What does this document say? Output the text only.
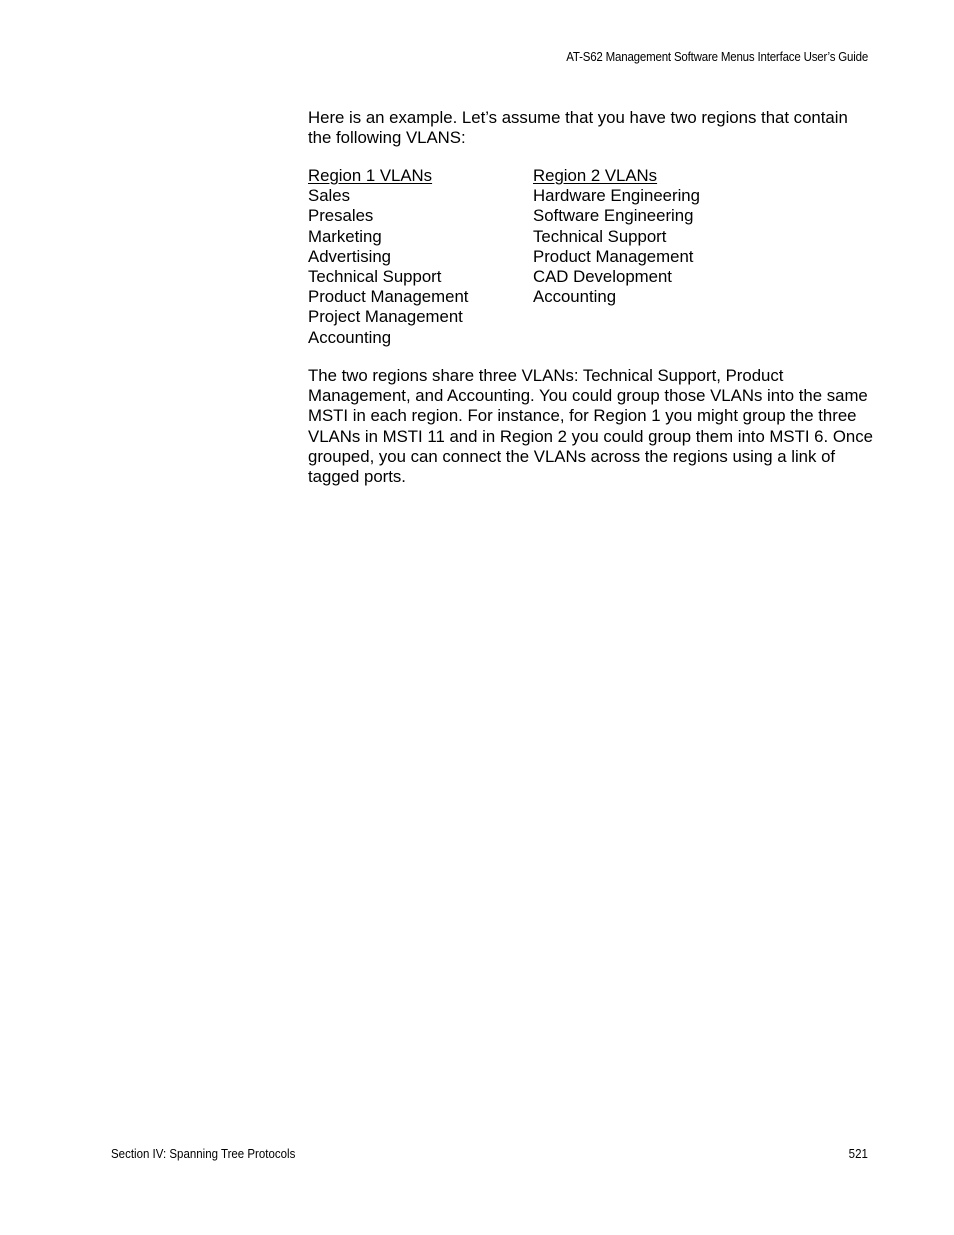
AT-S62 Management Software Menus Interface User’s Guide

Here is an example. Let’s assume that you have two regions that contain the following VLANS:

Region 1 VLANs
Sales
Presales
Marketing
Advertising
Technical Support
Product Management
Project Management
Accounting
Region 2 VLANs
Hardware Engineering
Software Engineering
Technical Support
Product Management
CAD Development
Accounting

The two regions share three VLANs: Technical Support, Product Management, and Accounting. You could group those VLANs into the same MSTI in each region. For instance, for Region 1 you might group the three VLANs in MSTI 11 and in Region 2 you could group them into MSTI 6. Once grouped, you can connect the VLANs across the regions using a link of tagged ports.

Section IV: Spanning Tree Protocols	521
